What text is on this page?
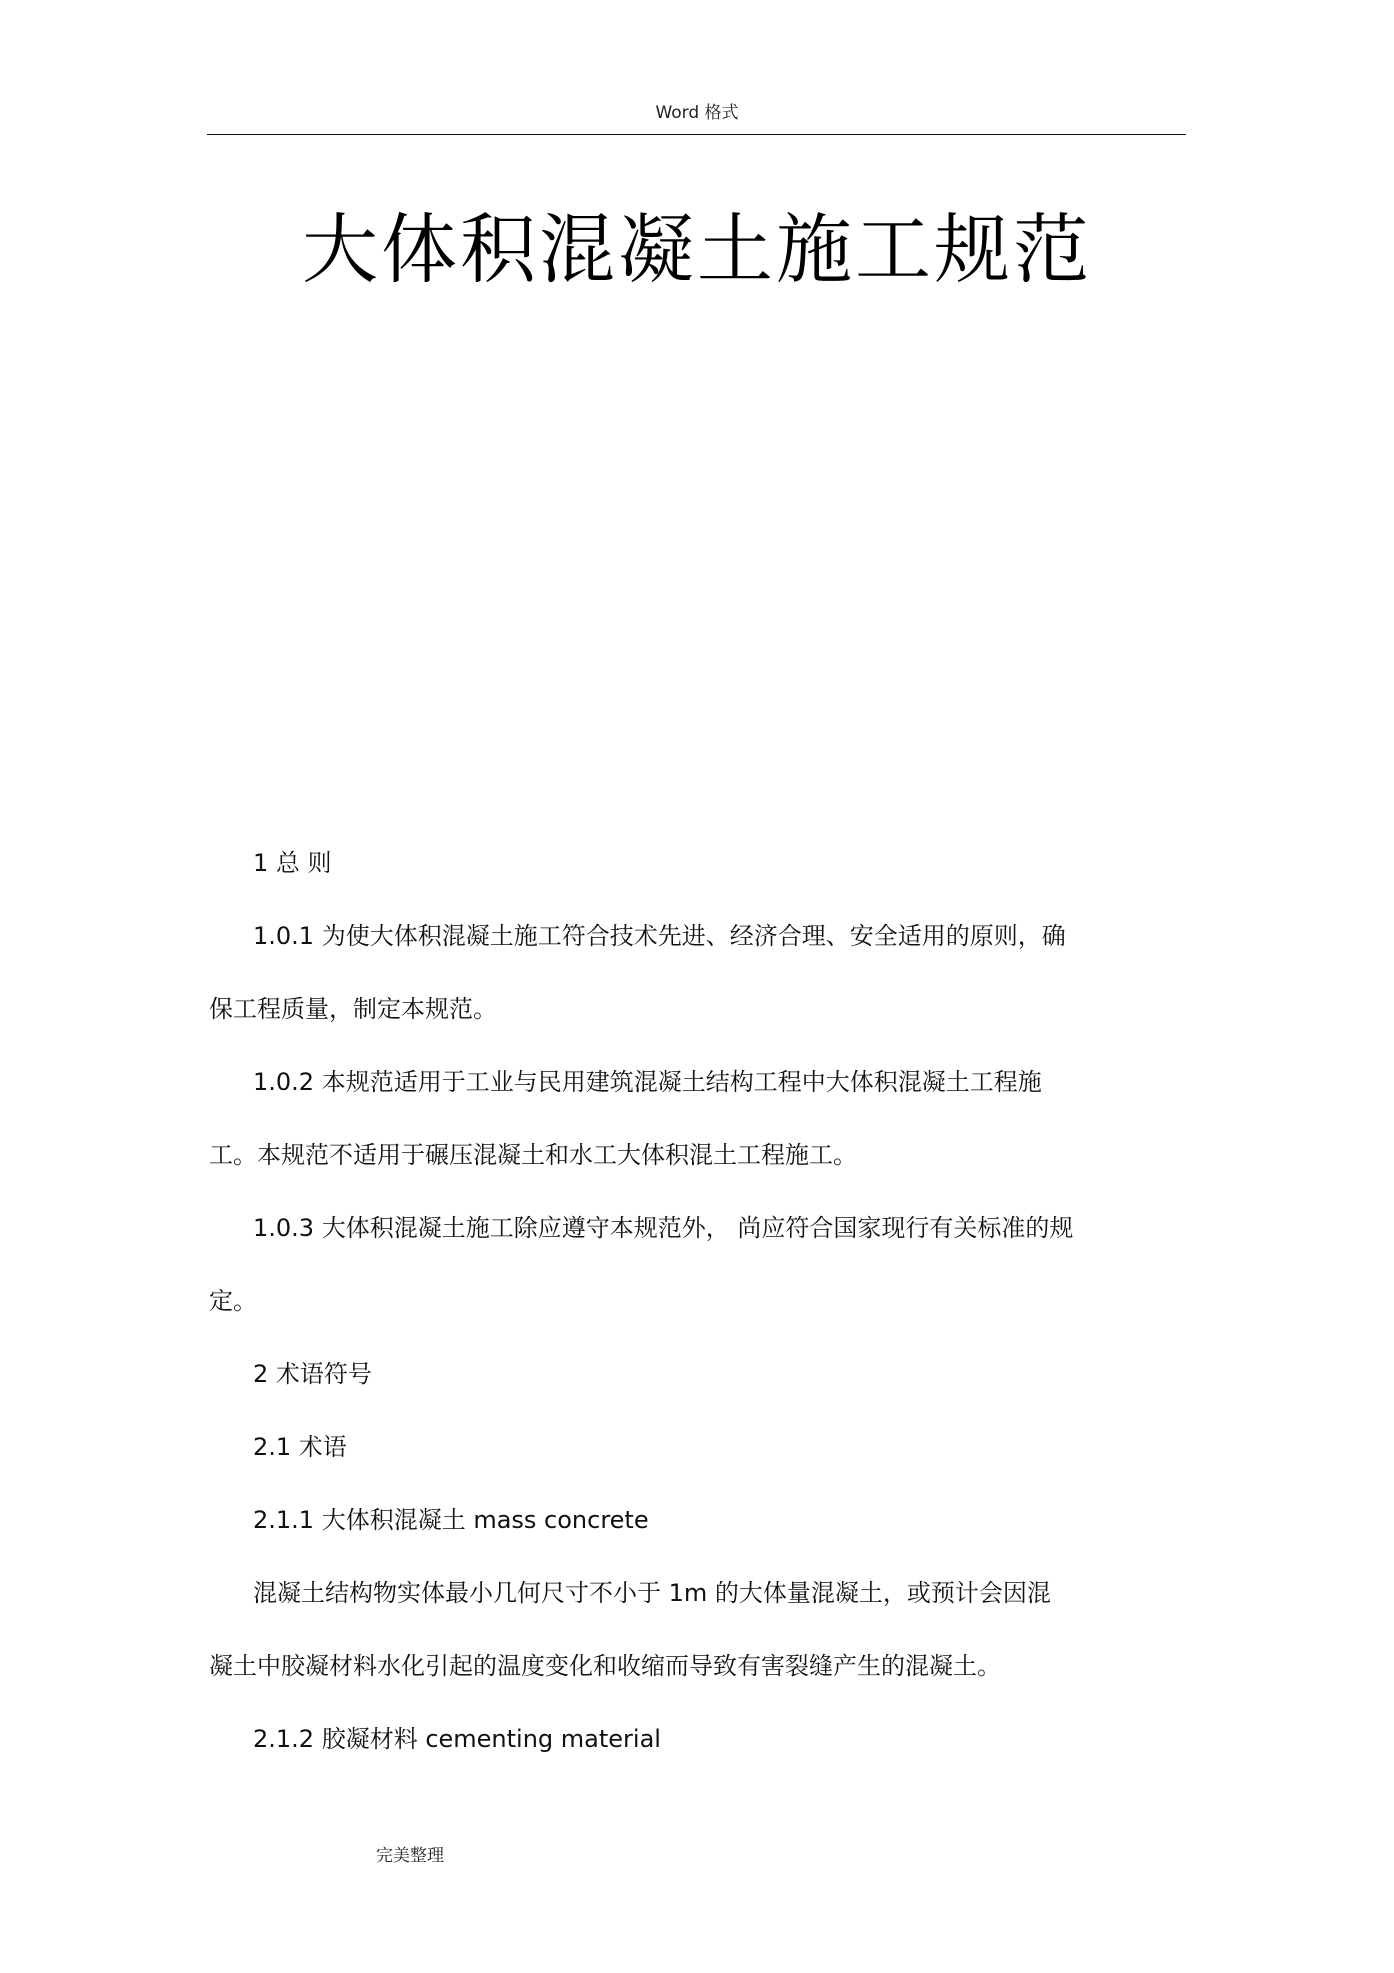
Word 格式
大体积混凝土施工规范

1 总 则

1.0.1 为使大体积混凝土施工符合技术先进、经济合理、安全适用的原则，确

保工程质量，制定本规范。

1.0.2 本规范适用于工业与民用建筑混凝土结构工程中大体积混凝土工程施

工。本规范不适用于碾压混凝土和水工大体积混土工程施工。

1.0.3 大体积混凝土施工除应遵守本规范外， 尚应符合国家现行有关标准的规

定。

2 术语符号

2.1 术语

2.1.1 大体积混凝土 mass concrete

混凝土结构物实体最小几何尺寸不小于 1m 的大体量混凝土，或预计会因混

凝土中胶凝材料水化引起的温度变化和收缩而导致有害裂缝产生的混凝土。

2.1.2 胶凝材料 cementing material

完美整理
